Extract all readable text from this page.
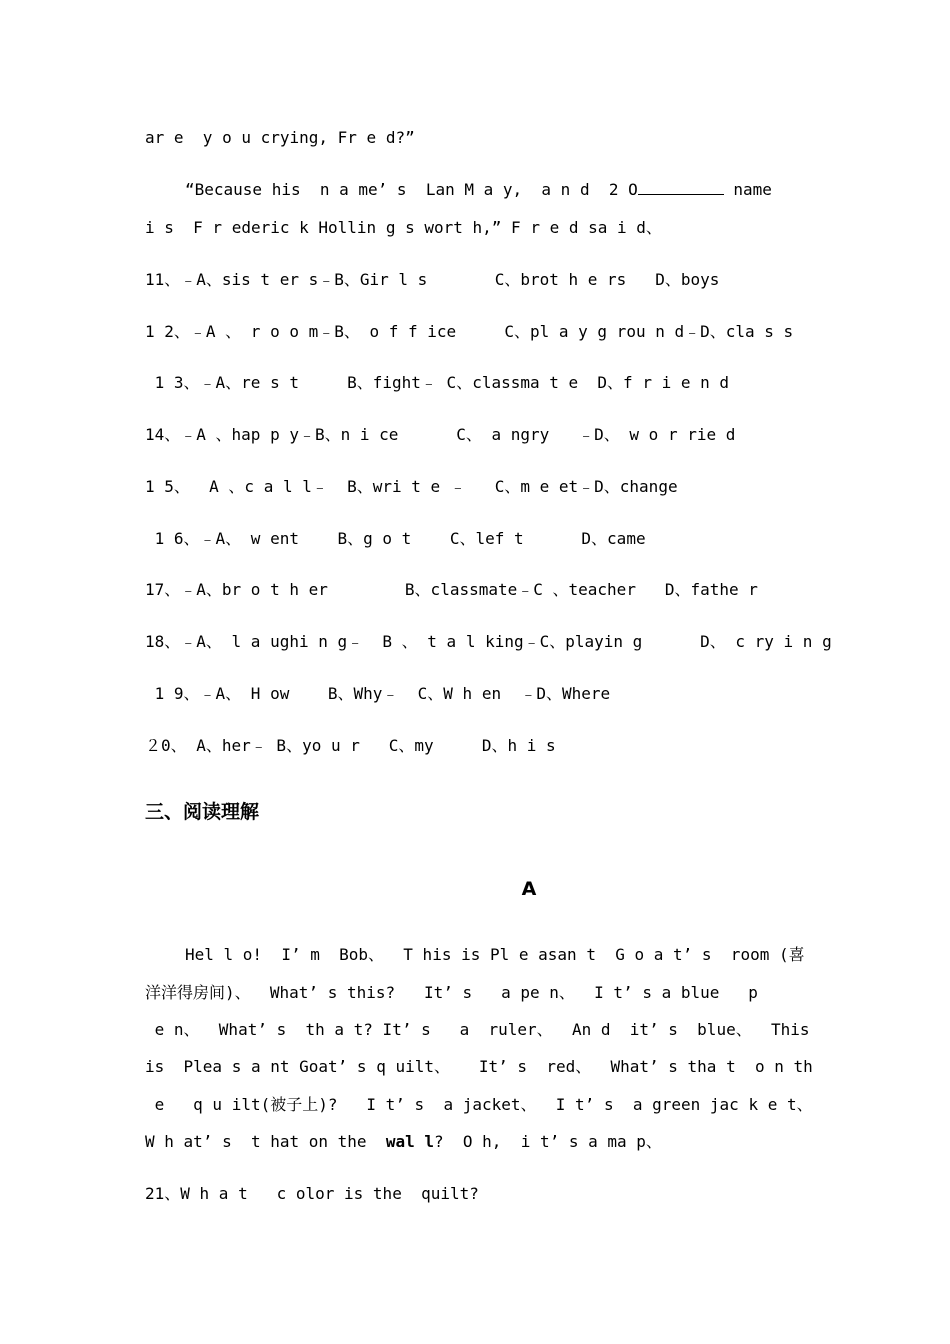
ar e  y o u crying, Fr e d?”
“Because his  n a me’ s  Lan M a y,  a n d  2 O	name
i s  F r ederic k Hollin g s wort h,” F r e d sa i d、
11、﹣A、sis t er s﹣B、Gir l s       C、brot h e rs   D、boys
1 2、﹣A 、 r o o m﹣B、 o f f ice     C、pl a y g rou n d﹣D、cla s s
1 3、﹣A、re s t     B、fight﹣ C、classma t e  D、f r i e n d
14、﹣A 、hap p y﹣B、n i ce      C、 a ngry   ﹣D、 w o r rie d
1 5、  A 、c a l l﹣  B、wri t e ﹣   C、m e et﹣D、change
1 6、﹣A、 w ent    B、g o t    C、lef t      D、came
17、﹣A、br o t h er        B、classmate﹣C 、teacher   D、fathe r
18、﹣A、 l a ughi n g﹣  B 、 t a l king﹣C、playin g      D、 c ry i n g
1 9、﹣A、 H ow    B、Why﹣  C、W h en  ﹣D、Where
２0、 A、her﹣ B、yo u r   C、my     D、h i s
三、阅读理解
A
Hel l o!  I’ m  Bob、  T his is Pl e asan t  G o a t’ s  room (喜
洋洋得房间)、  What’ s this?   It’ s   a pe n、  I t’ s a blue   p
e n、  What’ s  th a t? It’ s   a  ruler、  An d  it’ s  blue、  This
is  Plea s a nt Goat’ s q uilt、   It’ s  red、  What’ s tha t  o n th
e   q u ilt(被子上)?   I t’ s  a jacket、  I t’ s  a green jac k e t、
W h at’ s  t hat on the  wal l?  O h,  i t’ s a ma p、
21、W h a t   c olor is the  quilt?
